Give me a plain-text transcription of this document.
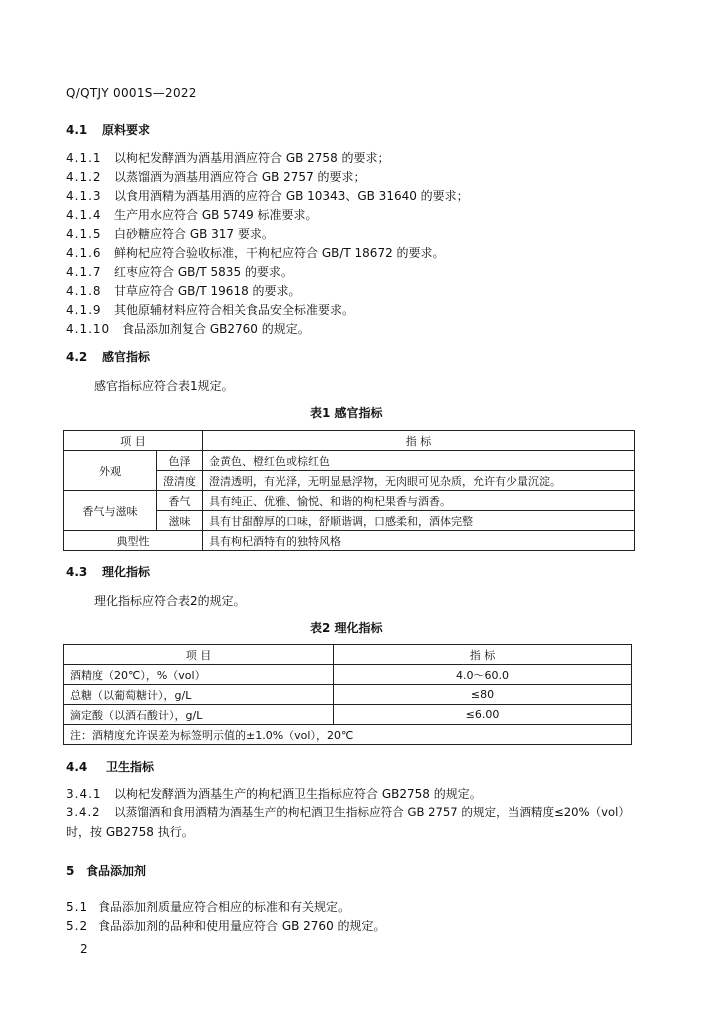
Q/QTJY 0001S—2022
4.1 原料要求
4.1.1 以枸杞发酵酒为酒基用酒应符合 GB 2758 的要求；
4.1.2 以蒸馏酒为酒基用酒应符合 GB 2757 的要求；
4.1.3 以食用酒精为酒基用酒的应符合 GB 10343、GB 31640 的要求；
4.1.4 生产用水应符合 GB 5749 标准要求。
4.1.5 白砂糖应符合 GB 317 要求。
4.1.6 鲜枸杞应符合验收标准，干枸杞应符合 GB/T 18672 的要求。
4.1.7 红枣应符合 GB/T 5835 的要求。
4.1.8 甘草应符合 GB/T 19618 的要求。
4.1.9 其他原辅材料应符合相关食品安全标准要求。
4.1.10 食品添加剂复合 GB2760 的规定。
4.2 感官指标
感官指标应符合表1规定。
表1 感官指标
项 目		指 标
外观	色泽	金黄色、橙红色或棕红色
	澄清度	澄清透明，有光泽，无明显悬浮物，无肉眼可见杂质，允许有少量沉淀。
香气与滋味	香气	具有纯正、优雅、愉悦、和谐的枸杞果香与酒香。
	滋味	具有甘甜醇厚的口味，舒顺谐调，口感柔和，酒体完整
典型性		具有枸杞酒特有的独特风格
4.3 理化指标
理化指标应符合表2的规定。
表2 理化指标
项 目	指 标
酒精度（20℃），%（vol）	4.0～60.0
总糖（以葡萄糖计），g/L	≤80
滴定酸（以酒石酸计），g/L	≤6.00
注：酒精度允许误差为标签明示值的±1.0%（vol），20℃	
4.4 卫生指标
3.4.1 以枸杞发酵酒为酒基生产的枸杞酒卫生指标应符合 GB2758 的规定。
3.4.2 以蒸馏酒和食用酒精为酒基生产的枸杞酒卫生指标应符合 GB 2757 的规定，当酒精度≤20%（vol）
时，按 GB2758 执行。
5 食品添加剂
5.1 食品添加剂质量应符合相应的标准和有关规定。
5.2 食品添加剂的品种和使用量应符合 GB 2760 的规定。
2
